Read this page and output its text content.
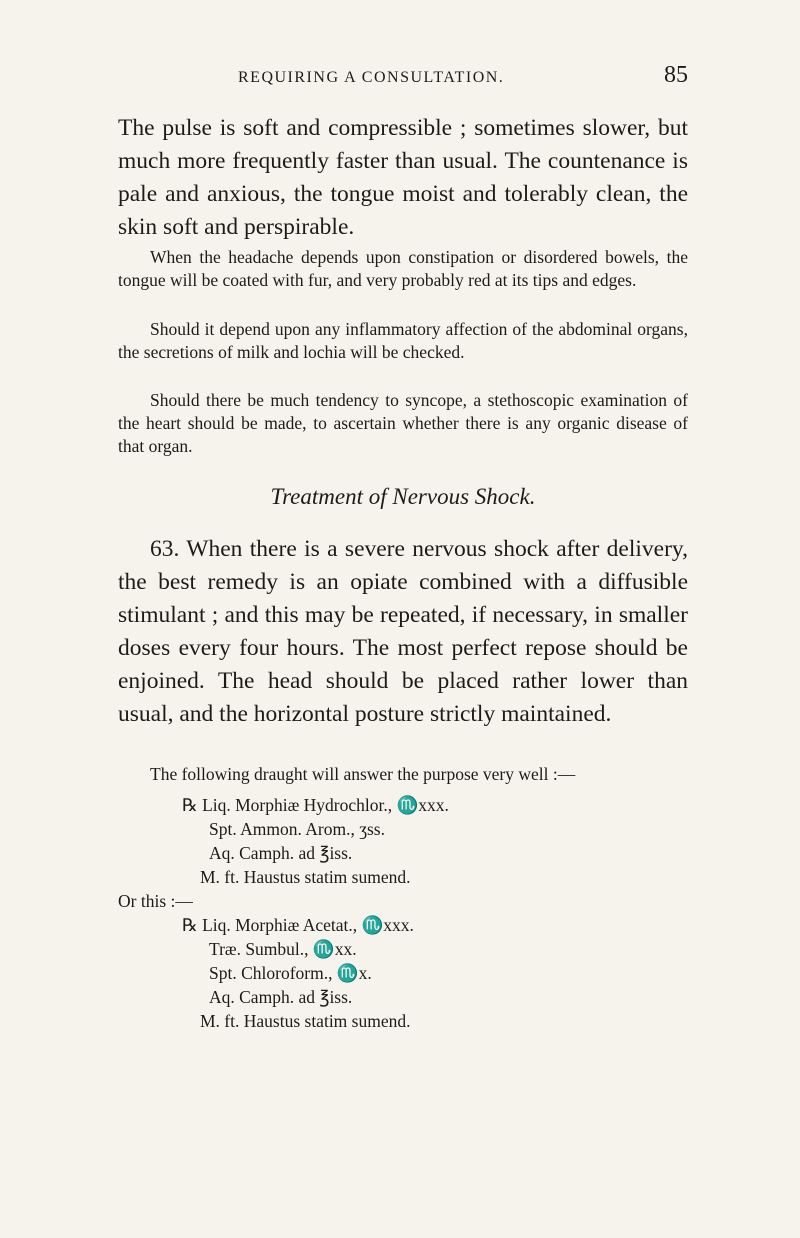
REQUIRING A CONSULTATION.	85

The pulse is soft and compressible ; sometimes slower, but much more frequently faster than usual. The countenance is pale and anxious, the tongue moist and tolerably clean, the skin soft and perspirable.

When the headache depends upon constipation or disordered bowels, the tongue will be coated with fur, and very probably red at its tips and edges.

Should it depend upon any inflammatory affection of the abdominal organs, the secretions of milk and lochia will be checked.

Should there be much tendency to syncope, a stethoscopic examination of the heart should be made, to ascertain whether there is any organic disease of that organ.

Treatment of Nervous Shock.

63. When there is a severe nervous shock after delivery, the best remedy is an opiate combined with a diffusible stimulant ; and this may be repeated, if necessary, in smaller doses every four hours. The most perfect repose should be enjoined. The head should be placed rather lower than usual, and the horizontal posture strictly maintained.

The following draught will answer the purpose very well :—

℞ Liq. Morphiæ Hydrochlor., ♏xxx.
Spt. Ammon. Arom., ʒss.
Aq. Camph. ad ℥iss.
M. ft. Haustus statim sumend.
Or this :—
℞ Liq. Morphiæ Acetat., ♏xxx.
Træ. Sumbul., ♏xx.
Spt. Chloroform., ♏x.
Aq. Camph. ad ℥iss.
M. ft. Haustus statim sumend.
